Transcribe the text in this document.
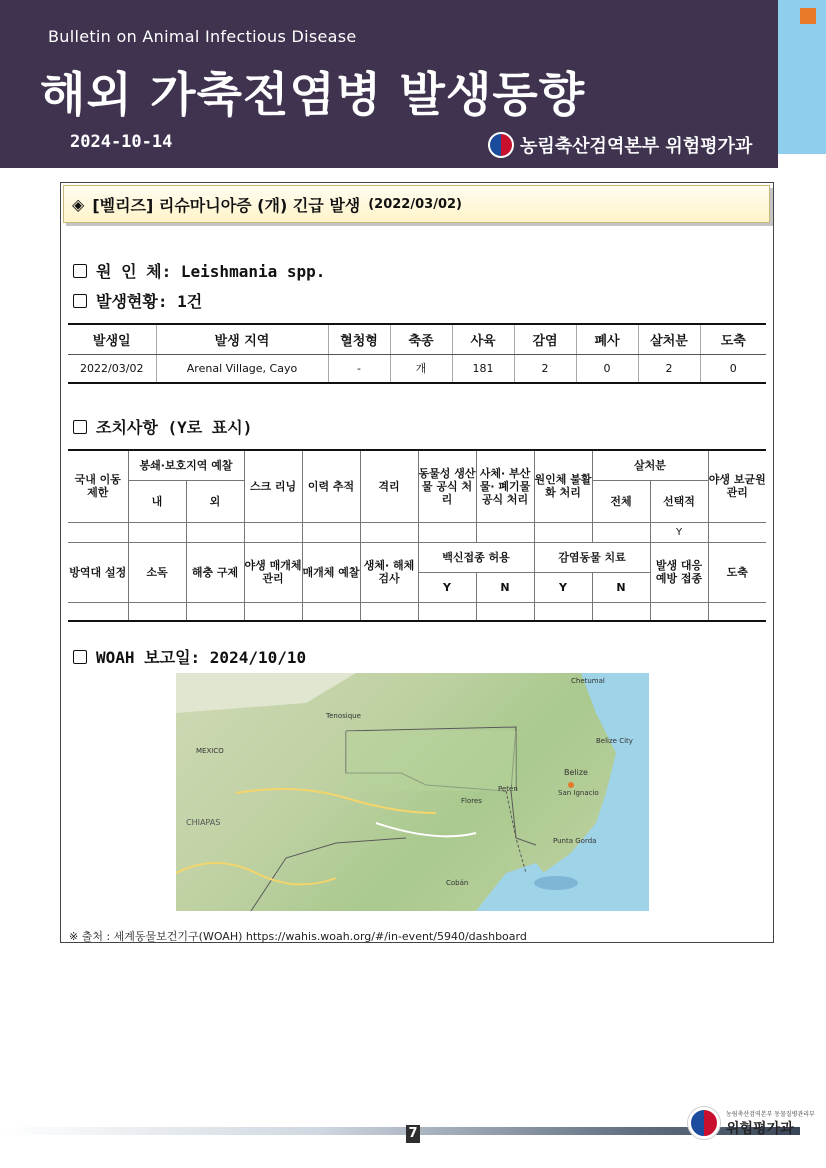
Bulletin on Animal Infectious Disease
해외 가축전염병 발생동향
2024-10-14	농림축산검역본부 위험평가과
◈ [벨리즈] 리슈마니아증 (개) 긴급 발생 (2022/03/02)
원 인 체: Leishmania spp.
발생현황: 1건
발생일	발생 지역	혈청형	축종	사육	감염	폐사	살처분	도축
2022/03/02	Arenal Village, Cayo	-	개	181	2	0	2	0
조치사항 (Y로 표시)
국내 이동 제한	봉쇄·보호지역 예찰		스크 리닝	이력 추적	격리	동물성 생산물 공식 처리	사체· 부산물· 폐기물 공식 처리	원인체 불활화 처리	살처분		야생 보균원 관리
	내	외							전체	선택적	
										Y	
방역대 설정	소독	해충 구제	야생 매개체 관리	매개체 예찰	생체· 해체 검사	백신접종 허용		감염동물 치료		발생 대응 예방 접종	도축
						Y	N	Y	N		

WOAH 보고일: 2024/10/10
Belize
Petén
Chetumal
Flores
Cobán
Tenosique
Belize City
San Ignacio
Punta Gorda
MEXICO
CHIAPAS
※ 출처 : 세계동물보건기구(WOAH) https://wahis.woah.org/#/in-event/5940/dashboard
7
농림축산검역본부 동물질병관리부
위험평가과
